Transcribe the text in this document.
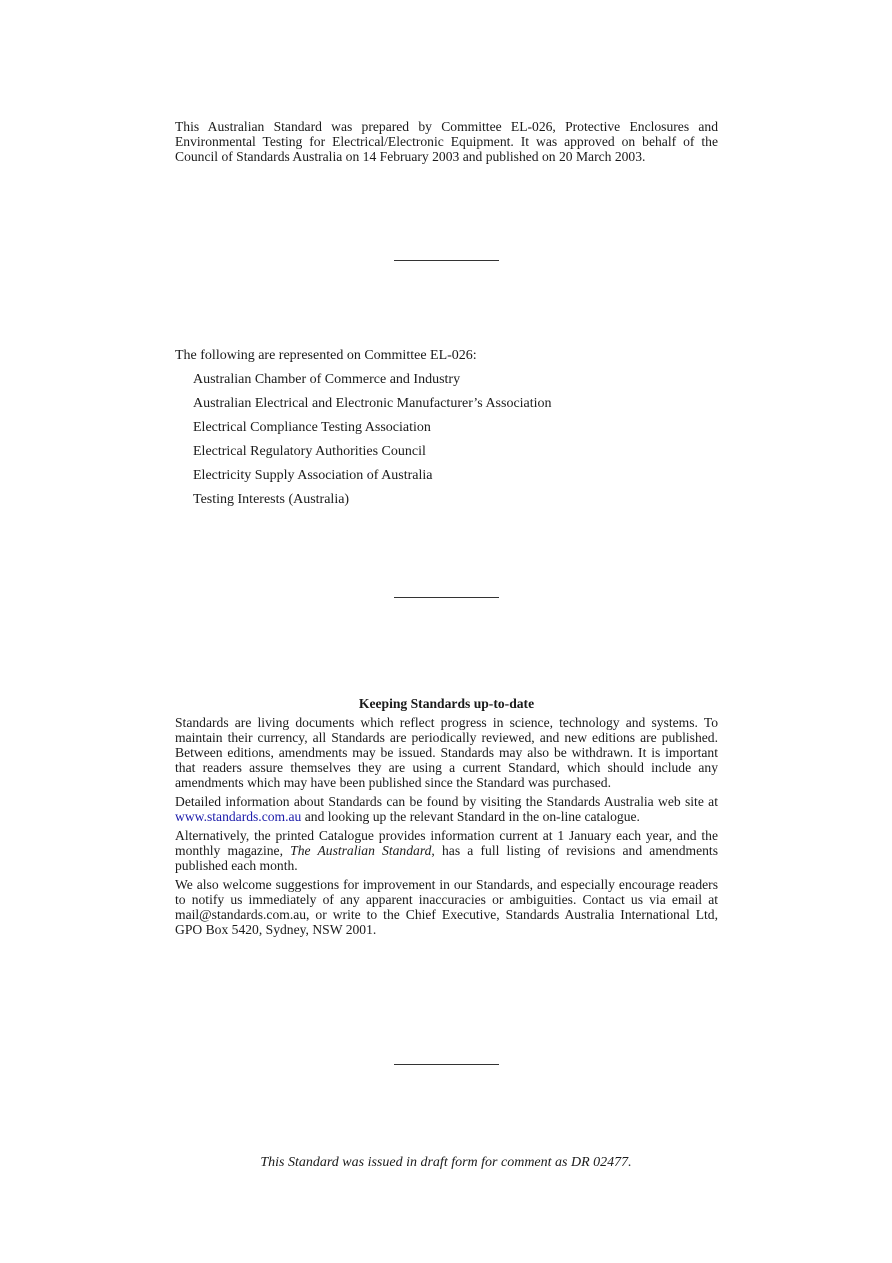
This Australian Standard was prepared by Committee EL-026, Protective Enclosures and Environmental Testing for Electrical/Electronic Equipment. It was approved on behalf of the Council of Standards Australia on 14 February 2003 and published on 20 March 2003.

The following are represented on Committee EL-026:

Australian Chamber of Commerce and Industry
Australian Electrical and Electronic Manufacturer’s Association
Electrical Compliance Testing Association
Electrical Regulatory Authorities Council
Electricity Supply Association of Australia
Testing Interests (Australia)

Keeping Standards up-to-date

Standards are living documents which reflect progress in science, technology and systems. To maintain their currency, all Standards are periodically reviewed, and new editions are published. Between editions, amendments may be issued. Standards may also be withdrawn. It is important that readers assure themselves they are using a current Standard, which should include any amendments which may have been published since the Standard was purchased.

Detailed information about Standards can be found by visiting the Standards Australia web site at www.standards.com.au and looking up the relevant Standard in the on-line catalogue.

Alternatively, the printed Catalogue provides information current at 1 January each year, and the monthly magazine, The Australian Standard, has a full listing of revisions and amendments published each month.

We also welcome suggestions for improvement in our Standards, and especially encourage readers to notify us immediately of any apparent inaccuracies or ambiguities. Contact us via email at mail@standards.com.au, or write to the Chief Executive, Standards Australia International Ltd, GPO Box 5420, Sydney, NSW 2001.

This Standard was issued in draft form for comment as DR 02477.
